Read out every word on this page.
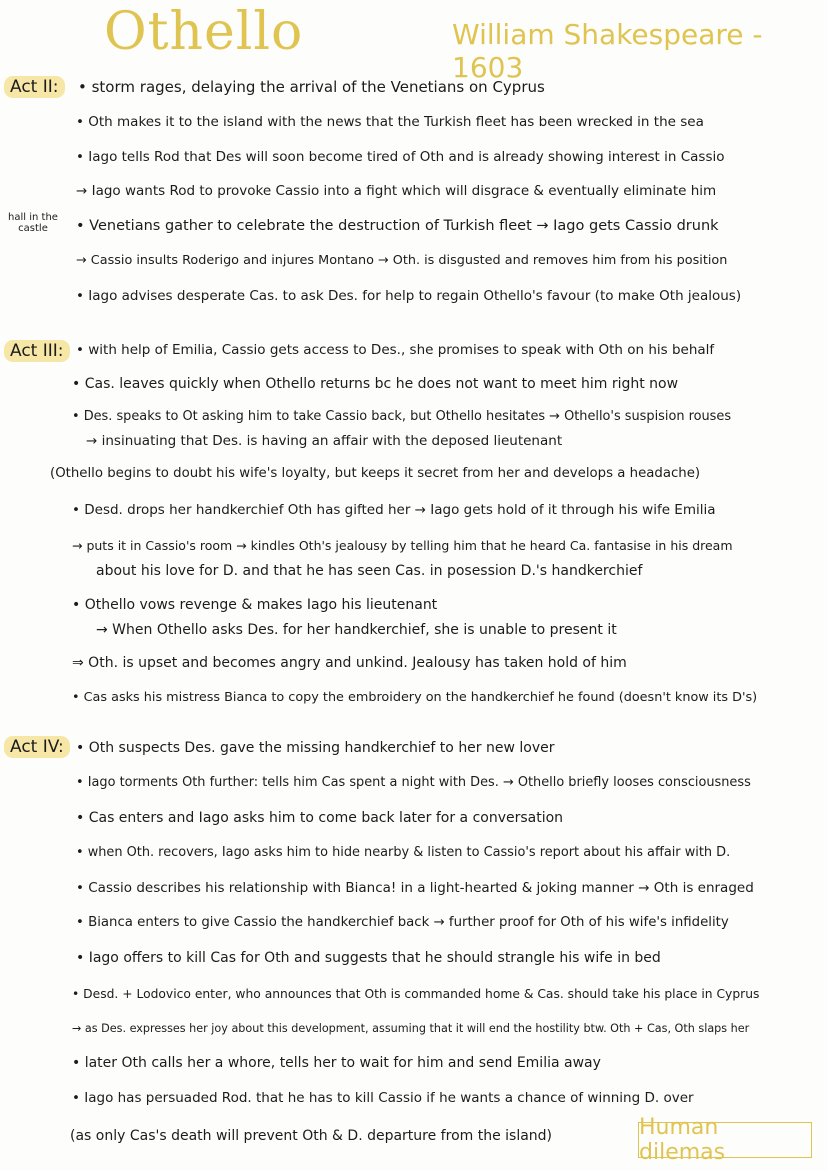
Othello	William Shakespeare - 1603
Act II:
Act III:
Act IV:
hall in the castle
• storm rages, delaying the arrival of the Venetians on Cyprus
• Oth makes it to the island with the news that the Turkish fleet has been wrecked in the sea
• Iago tells Rod that Des will soon become tired of Oth and is already showing interest in Cassio
→ Iago wants Rod to provoke Cassio into a fight which will disgrace & eventually eliminate him
• Venetians gather to celebrate the destruction of Turkish fleet → Iago gets Cassio drunk
→ Cassio insults Roderigo and injures Montano → Oth. is disgusted and removes him from his position
• Iago advises desperate Cas. to ask Des. for help to regain Othello's favour (to make Oth jealous)
• with help of Emilia, Cassio gets access to Des., she promises to speak with Oth on his behalf
• Cas. leaves quickly when Othello returns bc he does not want to meet him right now
• Des. speaks to Ot asking him to take Cassio back, but Othello hesitates → Othello's suspision rouses
→ insinuating that Des. is having an affair with the deposed lieutenant
(Othello begins to doubt his wife's loyalty, but keeps it secret from her and develops a headache)
• Desd. drops her handkerchief Oth has gifted her → Iago gets hold of it through his wife Emilia
→ puts it in Cassio's room → kindles Oth's jealousy by telling him that he heard Ca. fantasise in his dream
about his love for D. and that he has seen Cas. in posession D.'s handkerchief
• Othello vows revenge & makes Iago his lieutenant
→ When Othello asks Des. for her handkerchief, she is unable to present it
⇒ Oth. is upset and becomes angry and unkind. Jealousy has taken hold of him
• Cas asks his mistress Bianca to copy the embroidery on the handkerchief he found (doesn't know its D's)
• Oth suspects Des. gave the missing handkerchief to her new lover
• Iago torments Oth further: tells him Cas spent a night with Des. → Othello briefly looses consciousness
• Cas enters and Iago asks him to come back later for a conversation
• when Oth. recovers, Iago asks him to hide nearby & listen to Cassio's report about his affair with D.
• Cassio describes his relationship with Bianca! in a light-hearted & joking manner → Oth is enraged
• Bianca enters to give Cassio the handkerchief back → further proof for Oth of his wife's infidelity
• Iago offers to kill Cas for Oth and suggests that he should strangle his wife in bed
• Desd. + Lodovico enter, who announces that Oth is commanded home & Cas. should take his place in Cyprus
→ as Des. expresses her joy about this development, assuming that it will end the hostility btw. Oth + Cas, Oth slaps her
• later Oth calls her a whore, tells her to wait for him and send Emilia away
• Iago has persuaded Rod. that he has to kill Cassio if he wants a chance of winning D. over
(as only Cas's death will prevent Oth & D. departure from the island)	Human dilemas
